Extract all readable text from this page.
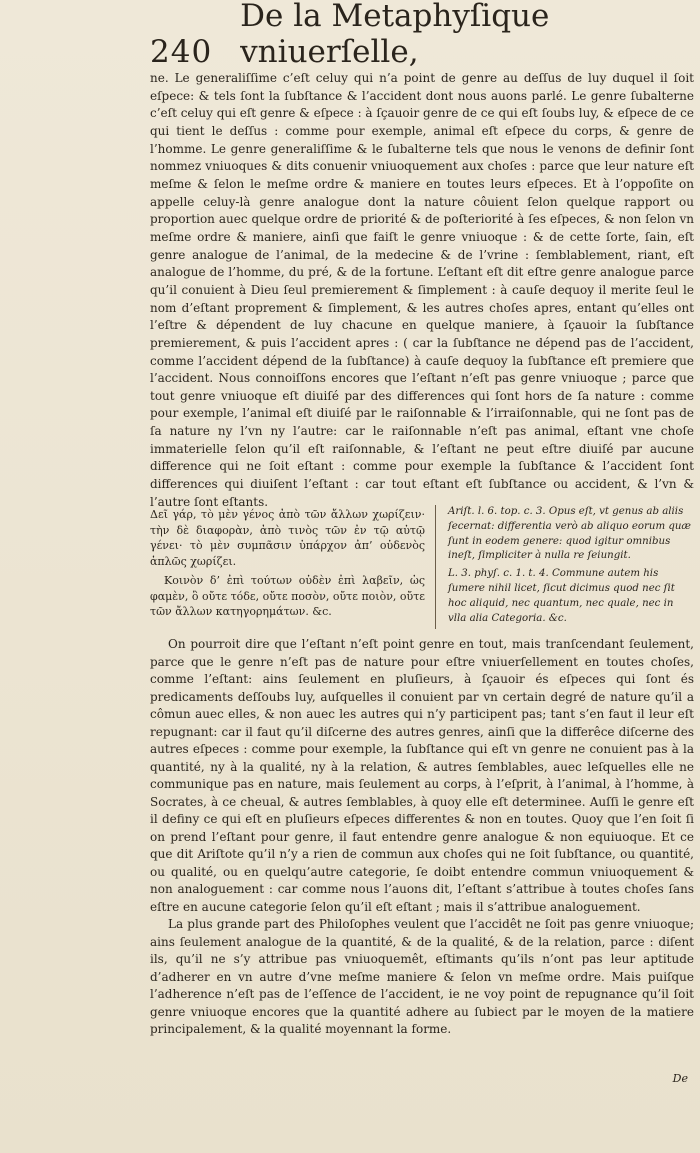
240
De la Metaphyſique vniuerſelle,

ne. Le generaliſſime c’eſt celuy qui n’a point de genre au deſſus de luy duquel il ſoit eſpece: & tels ſont la ſubſtance & l’accident dont nous auons parlé. Le genre ſubalterne c’eſt celuy qui eſt genre & eſpece : à ſçauoir genre de ce qui eſt ſoubs luy, & eſpece de ce qui tient le deſſus : comme pour exemple, animal eſt eſpece du corps, & genre de l’homme. Le genre generaliſſime & le ſubalterne tels que nous le venons de definir ſont nommez vniuoques & dits conuenir vniuoquement aux choſes : parce que leur nature eſt meſme & ſelon le meſme ordre & maniere en toutes leurs eſpeces. Et à l’oppoſite on appelle celuy-là genre analogue dont la nature côuient ſelon quelque rapport ou proportion auec quelque ordre de priorité & de poſteriorité à ſes eſpeces, & non ſelon vn meſme ordre & maniere, ainſi que faiſt le genre vniuoque : & de cette ſorte, ſain, eſt genre analogue de l’animal, de la medecine & de l’vrine : ſemblablement, riant, eſt analogue de l’homme, du pré, & de la fortune. L’eſtant eſt dit eſtre genre analogue parce qu’il conuient à Dieu ſeul premierement & ſimplement : à cauſe dequoy il merite ſeul le nom d’eſtant proprement & ſimplement, & les autres choſes apres, entant qu’elles ont l’eſtre & dépendent de luy chacune en quelque maniere, à ſçauoir la ſubſtance premierement, & puis l’accident apres : ( car la ſubſtance ne dépend pas de l’accident, comme l’accident dépend de la ſubſtance) à cauſe dequoy la ſubſtance eſt premiere que l’accident. Nous connoiſſons encores que l’eſtant n’eſt pas genre vniuoque ; parce que tout genre vniuoque eſt diuiſé par des differences qui ſont hors de ſa nature : comme pour exemple, l’animal eſt diuiſé par le raiſonnable & l’irraiſonnable, qui ne ſont pas de ſa nature ny l’vn ny l’autre: car le raiſonnable n’eſt pas animal, eſtant vne choſe immaterielle ſelon qu’il eſt raiſonnable, & l’eſtant ne peut eſtre diuiſé par aucune difference qui ne ſoit eſtant : comme pour exemple la ſubſtance & l’accident ſont differences qui diuiſent l’eſtant : car tout eſtant eſt ſubſtance ou accident, & l’vn & l’autre ſont eſtants.

Δεῖ γάρ, τὸ μὲν γένος ἀπὸ τῶν ἄλλων χωρίζειν· τὴν δὲ διαφορὰν, ἀπὸ τινὸς τῶν ἐν τῷ αὐτῷ γένει· τὸ μὲν συμπᾶσιν ὑπάρχον ἀπ’ οὐδενὸς ἁπλῶς χωρίζει.

Κοινὸν δ’ ἐπὶ τούτων οὐδὲν ἐπὶ λαβεῖν, ὡς φαμὲν, ὃ οὔτε τόδε, οὔτε ποσὸν, οὔτε ποιὸν, οὔτε τῶν ἄλλων κατηγορημάτων. &c.

Ariſt. l. 6. top. c. 3. Opus eſt, vt genus ab aliis ſecernat: differentia verò ab aliquo eorum quæ ſunt in eodem genere: quod igitur omnibus ineſt, ſimpliciter à nulla re ſeiungit.

L. 3. phyſ. c. 1. t. 4. Commune autem his ſumere nihil licet, ſicut dicimus quod nec ſit hoc aliquid, nec quantum, nec quale, nec in vlla alia Categoria. &c.

On pourroit dire que l’eſtant n’eſt point genre en tout, mais tranſcendant ſeulement, parce que le genre n’eſt pas de nature pour eſtre vniuerſellement en toutes choſes, comme l’eſtant: ains ſeulement en pluſieurs, à ſçauoir és eſpeces qui ſont és predicaments deſſoubs luy, auſquelles il conuient par vn certain degré de nature qu’il a cômun auec elles, & non auec les autres qui n’y participent pas; tant s’en faut il leur eſt repugnant: car il faut qu’il diſcerne des autres genres, ainſi que la differêce diſcerne des autres eſpeces : comme pour exemple, la ſubſtance qui eſt vn genre ne conuient pas à la quantité, ny à la qualité, ny à la relation, & autres ſemblables, auec leſquelles elle ne communique pas en nature, mais ſeulement au corps, à l’eſprit, à l’animal, à l’homme, à Socrates, à ce cheual, & autres ſemblables, à quoy elle eſt determinee. Auſſi le genre eſt il definy ce qui eſt en pluſieurs eſpeces differentes & non en toutes. Quoy que l’en ſoit ſi on prend l’eſtant pour genre, il faut entendre genre analogue & non equiuoque. Et ce que dit Ariſtote qu’il n’y a rien de commun aux choſes qui ne ſoit ſubſtance, ou quantité, ou qualité, ou en quelqu’autre categorie, ſe doibt entendre commun vniuoquement & non analoguement : car comme nous l’auons dit, l’eſtant s’attribue à toutes choſes ſans eſtre en aucune categorie ſelon qu’il eſt eſtant ; mais il s’attribue analoguement.

La plus grande part des Philoſophes veulent que l’accidêt ne ſoit pas genre vniuoque; ains ſeulement analogue de la quantité, & de la qualité, & de la relation, parce : diſent ils, qu’il ne s’y attribue pas vniuoquemêt, eſtimants qu’ils n’ont pas leur aptitude d’adherer en vn autre d’vne meſme maniere & ſelon vn meſme ordre. Mais puiſque l’adherence n’eſt pas de l’eſſence de l’accident, ie ne voy point de repugnance qu’il ſoit genre vniuoque encores que la quantité adhere au ſubiect par le moyen de la matiere principalement, & la qualité moyennant la forme.

De
